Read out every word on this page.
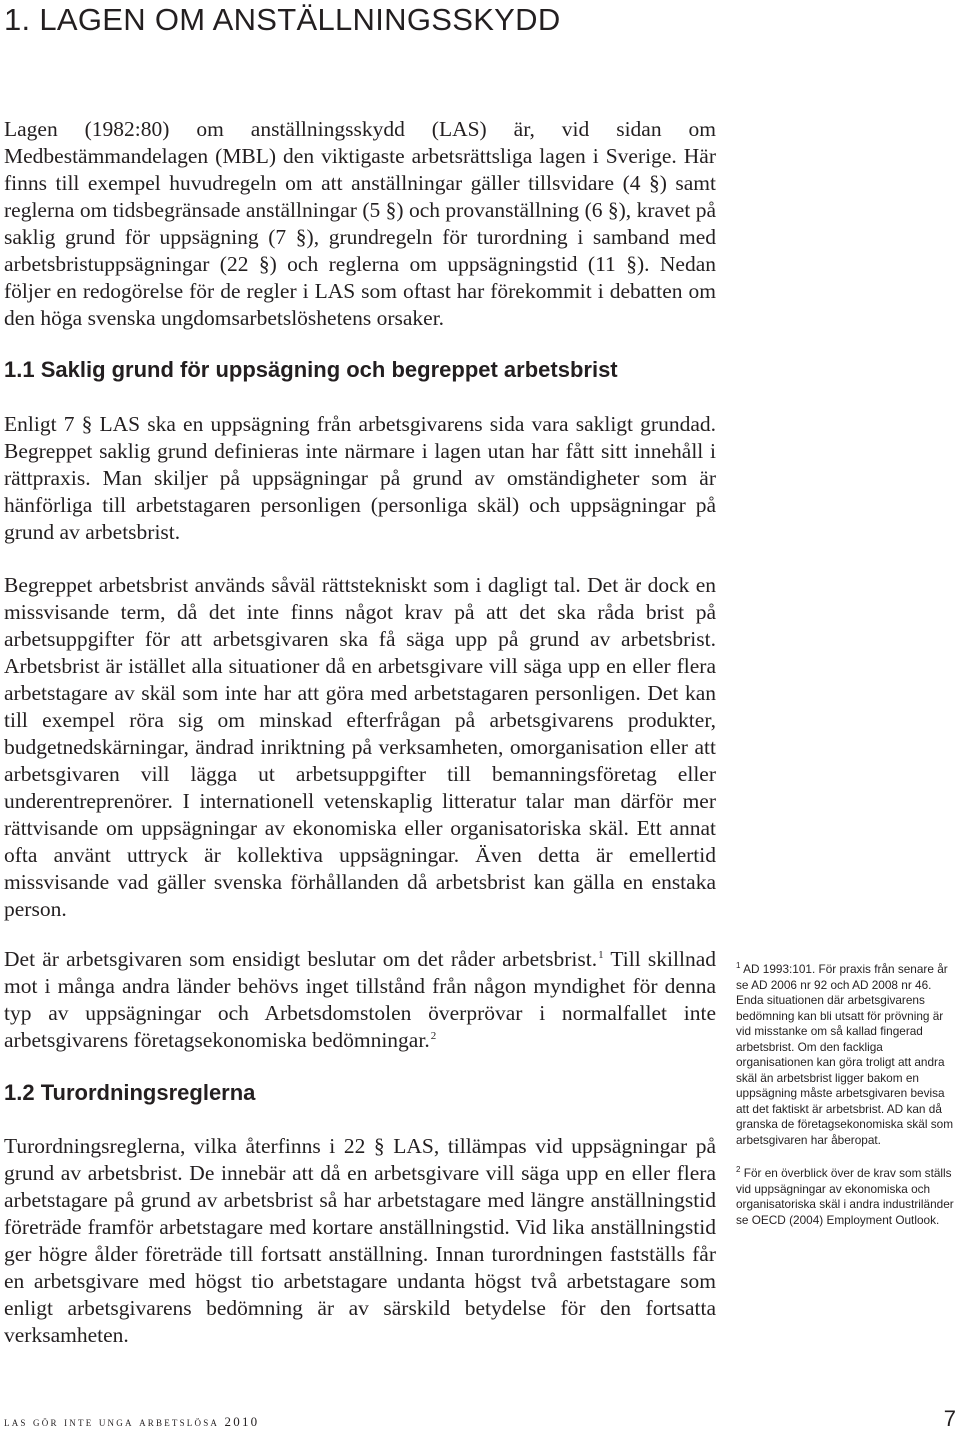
1. LAGEN OM ANSTÄLLNINGSSKYDD

Lagen (1982:80) om anställningsskydd (LAS) är, vid sidan om Medbestämmandelagen (MBL) den viktigaste arbetsrättsliga lagen i Sverige. Här finns till exempel huvudregeln om att anställningar gäller tillsvidare (4 §) samt reglerna om tidsbegränsade anställningar (5 §) och provanställning (6 §), kravet på saklig grund för uppsägning (7 §), grundregeln för turordning i samband med arbetsbristuppsägningar (22 §) och reglerna om uppsägningstid (11 §). Nedan följer en redogörelse för de regler i LAS som oftast har förekommit i debatten om den höga svenska ungdomsarbetslöshetens orsaker.

1.1 Saklig grund för uppsägning och begreppet arbetsbrist

Enligt 7 § LAS ska en uppsägning från arbetsgivarens sida vara sakligt grundad. Begreppet saklig grund definieras inte närmare i lagen utan har fått sitt innehåll i rättpraxis. Man skiljer på uppsägningar på grund av omständigheter som är hänförliga till arbetstagaren personligen (personliga skäl) och uppsägningar på grund av arbetsbrist.

Begreppet arbetsbrist används såväl rättstekniskt som i dagligt tal. Det är dock en missvisande term, då det inte finns något krav på att det ska råda brist på arbetsuppgifter för att arbetsgivaren ska få säga upp på grund av arbetsbrist. Arbetsbrist är istället alla situationer då en arbetsgivare vill säga upp en eller flera arbetstagare av skäl som inte har att göra med arbetstagaren personligen. Det kan till exempel röra sig om minskad efterfrågan på arbetsgivarens produkter, budgetnedskärningar, ändrad inriktning på verksamheten, omorganisation eller att arbetsgivaren vill lägga ut arbetsuppgifter till bemanningsföretag eller underentreprenörer. I internationell vetenskaplig litteratur talar man därför mer rättvisande om uppsägningar av ekonomiska eller organisatoriska skäl. Ett annat ofta använt uttryck är kollektiva uppsägningar. Även detta är emellertid missvisande vad gäller svenska förhållanden då arbetsbrist kan gälla en enstaka person.

Det är arbetsgivaren som ensidigt beslutar om det råder arbetsbrist.$^1$ Till skillnad mot i många andra länder behövs inget tillstånd från någon myndighet för denna typ av uppsägningar och Arbetsdomstolen överprövar i normalfallet inte arbetsgivarens företagsekonomiska bedömningar.$^2$

1.2 Turordningsreglerna

Turordningsreglerna, vilka återfinns i 22 § LAS, tillämpas vid uppsägningar på grund av arbetsbrist. De innebär att då en arbetsgivare vill säga upp en eller flera arbetstagare på grund av arbetsbrist så har arbetstagare med längre anställningstid företräde framför arbetstagare med kortare anställningstid. Vid lika anställningstid ger högre ålder företräde till fortsatt anställning. Innan turordningen fastställs får en arbetsgivare med högst tio arbetstagare undanta högst två arbetstagare som enligt arbetsgivarens bedömning är av särskild betydelse för den fortsatta verksamheten.

$^1$ AD 1993:101. För praxis från senare år se AD 2006 nr 92 och AD 2008 nr 46. Enda situationen där arbetsgivarens bedömning kan bli utsatt för prövning är vid misstanke om så kallad fingerad arbetsbrist. Om den fackliga organisationen kan göra troligt att andra skäl än arbetsbrist ligger bakom en uppsägning måste arbetsgivaren bevisa att det faktiskt är arbetsbrist. AD kan då granska de företagsekonomiska skäl som arbetsgivaren har åberopat.

$^2$ För en överblick över de krav som ställs vid uppsägningar av ekonomiska och organisatoriska skäl i andra industriländer se OECD (2004) Employment Outlook.

las gör inte unga arbetslösa 2010	7
